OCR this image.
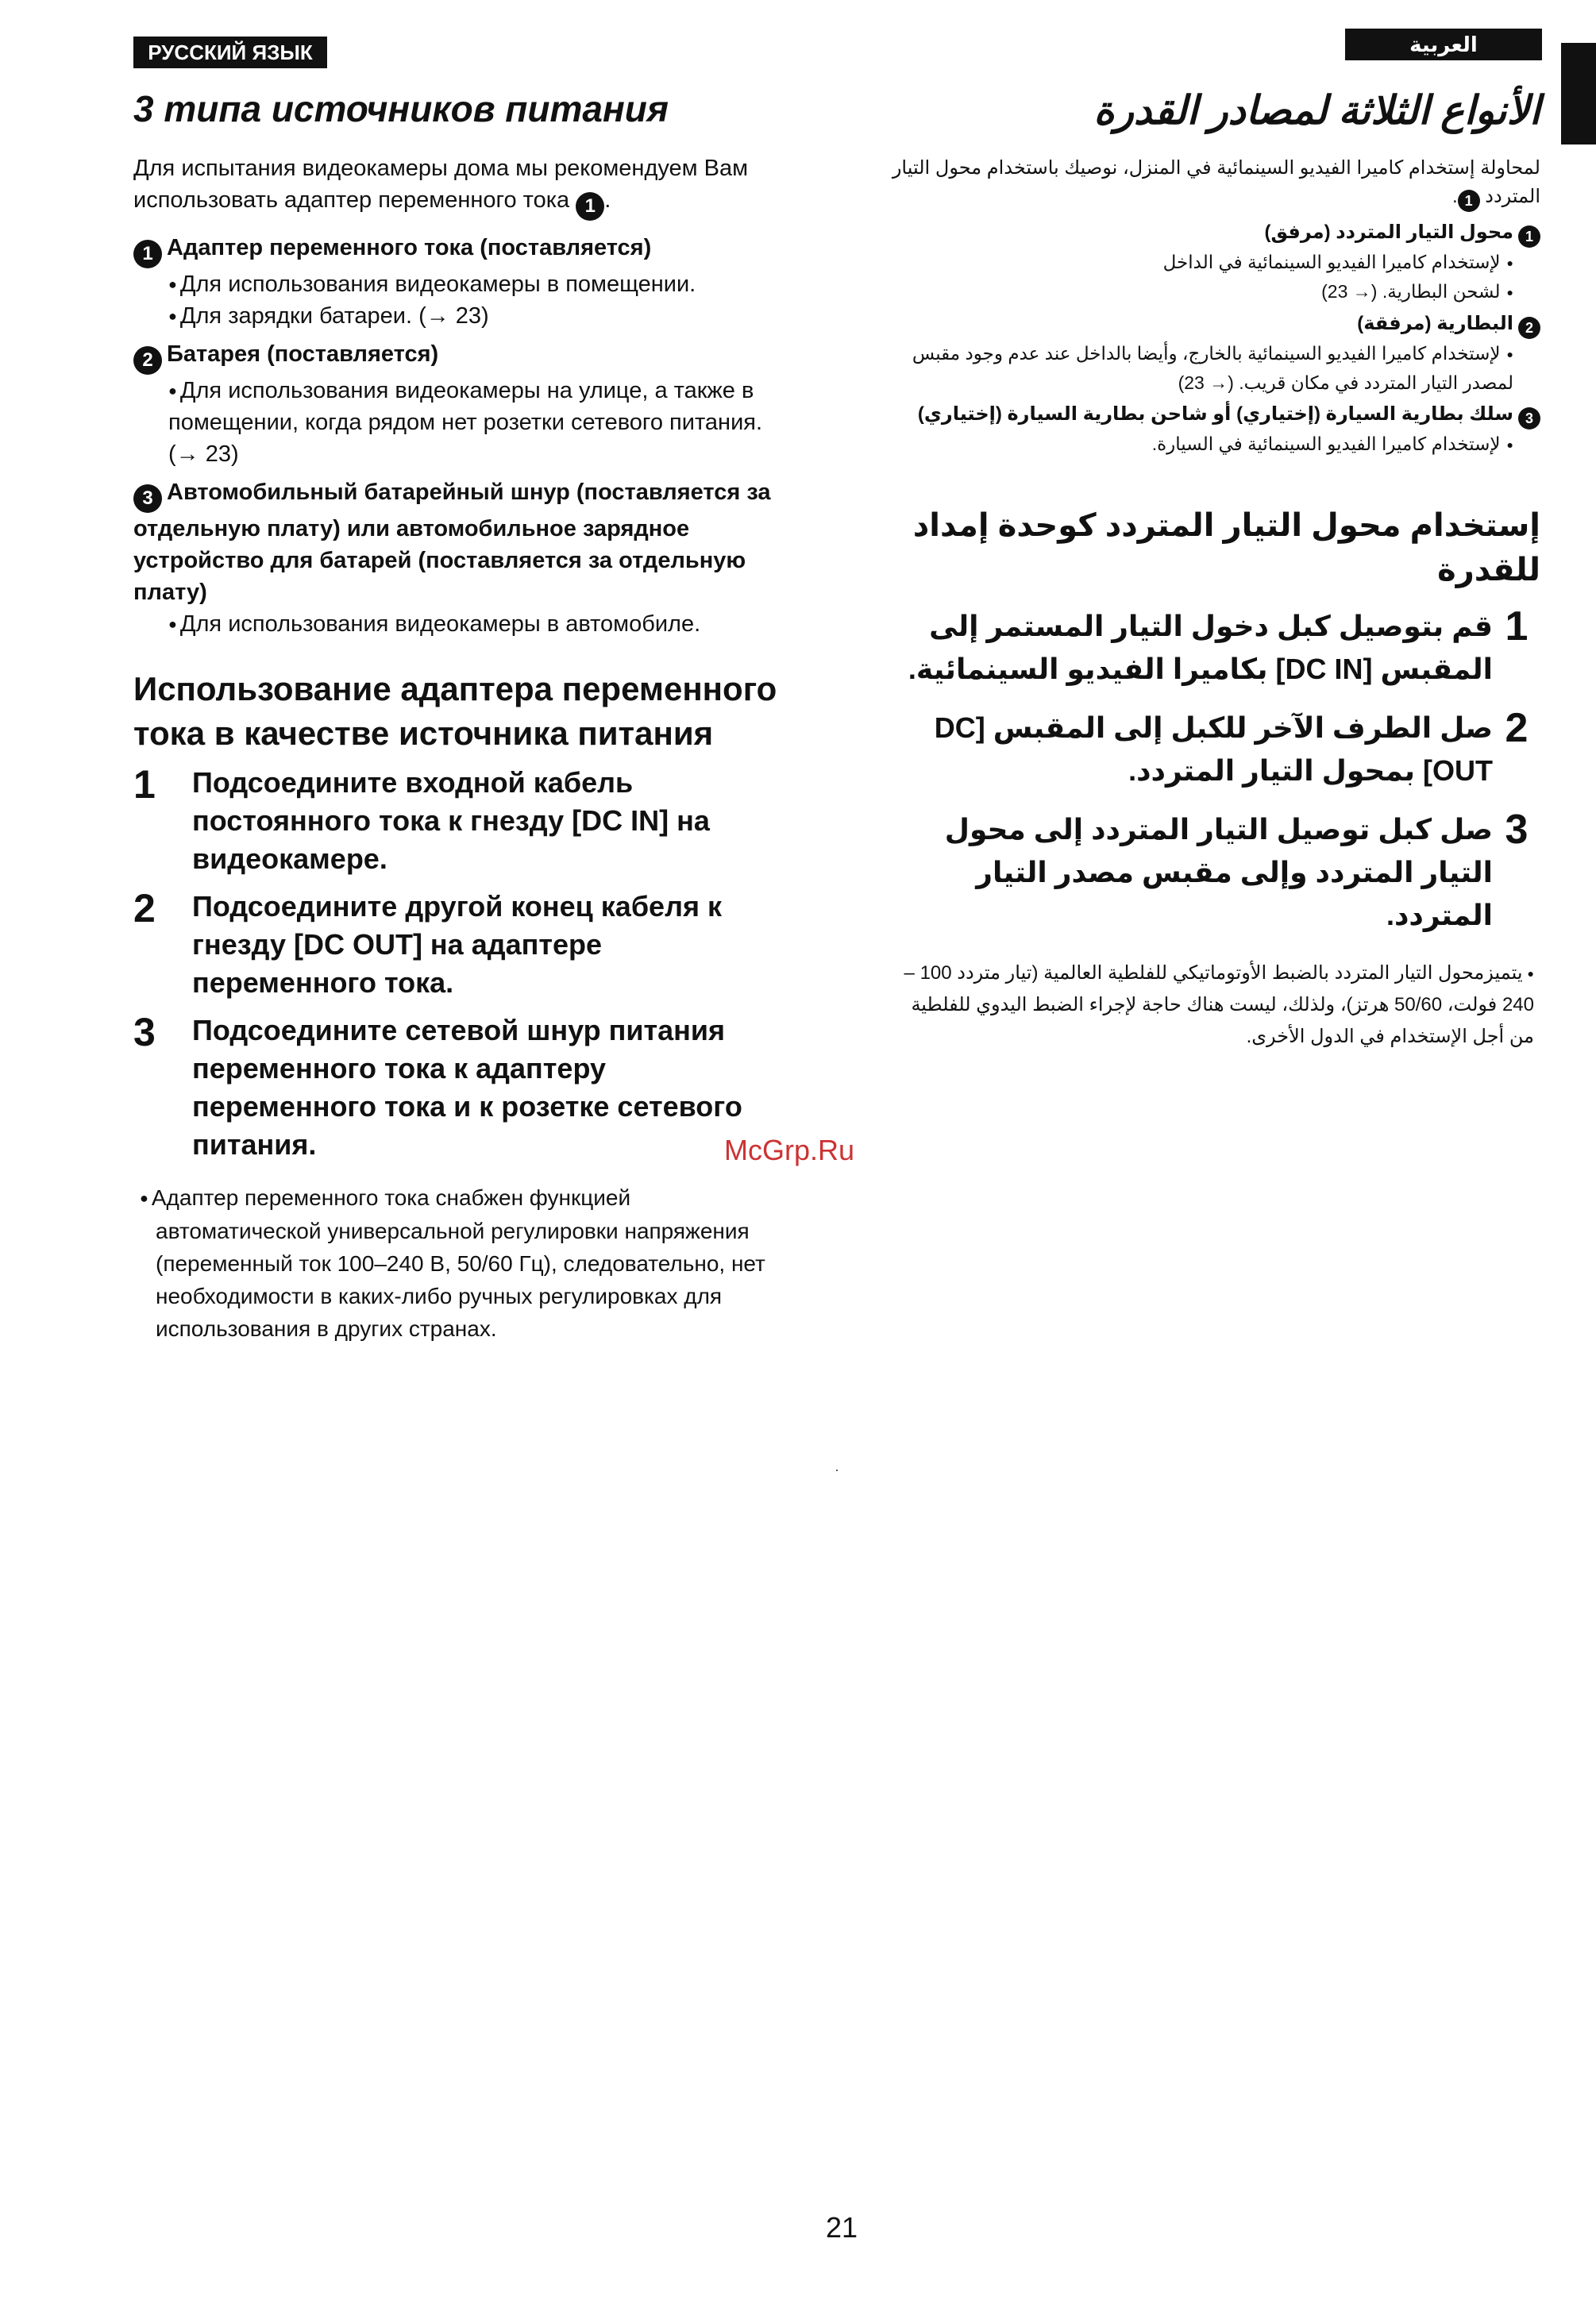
РУССКИЙ ЯЗЫК	العربية
3 типа источников питания
Для испытания видеокамеры дома мы рекомендуем Вам использовать адаптер переменного тока 1 .
1 Адаптер переменного тока (поставляется)
● Для использования видеокамеры в помещении.
● Для зарядки батареи. (→ 23)
2 Батарея (поставляется)
● Для использования видеокамеры на улице, а также в помещении, когда рядом нет розетки сетевого питания. (→ 23)
3 Автомобильный батарейный шнур (поставляется за отдельную плату) или автомобильное зарядное устройство для батарей (поставляется за отдельную плату)
● Для использования видеокамеры в автомобиле.
Использование адаптера переменного тока в качестве источника питания
1	Подсоедините входной кабель постоянного тока к гнезду [DC IN] на видеокамере.
2	Подсоедините другой конец кабеля к гнезду [DC OUT] на адаптере переменного тока.
3	Подсоедините сетевой шнур питания переменного тока к адаптеру переменного тока и к розетке сетевого питания.
● Адаптер переменного тока снабжен функцией автоматической универсальной регулировки напряжения (переменный ток 100–240 В, 50/60 Гц), следовательно, нет необходимости в каких-либо ручных регулировках для использования в других странах.
الأنواع الثلاثة لمصادر القدرة
لمحاولة إستخدام كاميرا الفيديو السينمائية في المنزل، نوصيك باستخدام محول التيار المتردد 1.
1محول التيار المتردد (مرفق)
● لإستخدام كاميرا الفيديو السينمائية في الداخل
● لشحن البطارية. (→ 23)
2البطارية (مرفقة)
● لإستخدام كاميرا الفيديو السينمائية بالخارج، وأيضا بالداخل عند عدم وجود مقبس لمصدر التيار المتردد في مكان قريب. (→ 23)
3سلك بطارية السيارة (إختياري) أو شاحن بطارية السيارة (إختياري)
● لإستخدام كاميرا الفيديو السينمائية في السيارة.
إستخدام محول التيار المتردد كوحدة إمداد للقدرة
1
قم بتوصيل كبل دخول التيار المستمر إلى المقبس [DC IN] بكاميرا الفيديو السينمائية.
2
صل الطرف الآخر للكبل إلى المقبس [DC OUT] بمحول التيار المتردد.
3
صل كبل توصيل التيار المتردد إلى محول التيار المتردد وإلى مقبس مصدر التيار المتردد.
● يتميزمحول التيار المتردد بالضبط الأوتوماتيكي للفلطية العالمية (تيار متردد 100 – 240 فولت، 50/60 هرتز)، ولذلك، ليست هناك حاجة لإجراء الضبط اليدوي للفلطية من أجل الإستخدام في الدول الأخرى.
McGrp.Ru
21
